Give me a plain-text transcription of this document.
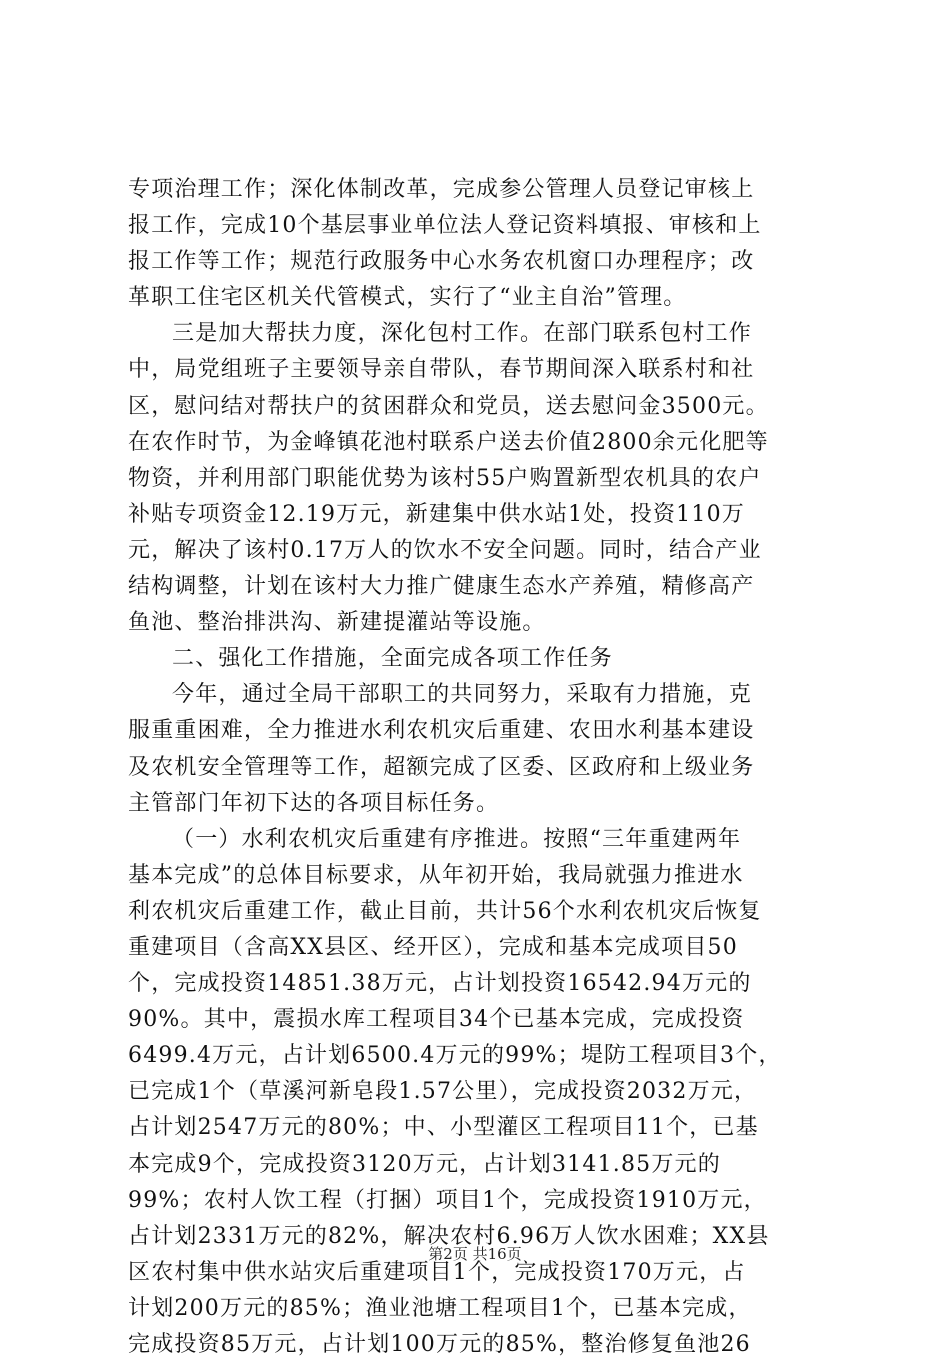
专项治理工作；深化体制改革，完成参公管理人员登记审核上
报工作，完成10个基层事业单位法人登记资料填报、审核和上
报工作等工作；规范行政服务中心水务农机窗口办理程序；改
革职工住宅区机关代管模式，实行了“业主自治”管理。
三是加大帮扶力度，深化包村工作。在部门联系包村工作
中，局党组班子主要领导亲自带队，春节期间深入联系村和社
区，慰问结对帮扶户的贫困群众和党员，送去慰问金3500元。
在农作时节，为金峰镇花池村联系户送去价值2800余元化肥等
物资，并利用部门职能优势为该村55户购置新型农机具的农户
补贴专项资金12.19万元，新建集中供水站1处，投资110万
元，解决了该村0.17万人的饮水不安全问题。同时，结合产业
结构调整，计划在该村大力推广健康生态水产养殖，精修高产
鱼池、整治排洪沟、新建提灌站等设施。
二、强化工作措施，全面完成各项工作任务
今年，通过全局干部职工的共同努力，采取有力措施，克
服重重困难，全力推进水利农机灾后重建、农田水利基本建设
及农机安全管理等工作，超额完成了区委、区政府和上级业务
主管部门年初下达的各项目标任务。
（一）水利农机灾后重建有序推进。按照“三年重建两年
基本完成”的总体目标要求，从年初开始，我局就强力推进水
利农机灾后重建工作，截止目前，共计56个水利农机灾后恢复
重建项目（含高XX县区、经开区），完成和基本完成项目50
个，完成投资14851.38万元，占计划投资16542.94万元的
90%。其中，震损水库工程项目34个已基本完成，完成投资
6499.4万元，占计划6500.4万元的99%；堤防工程项目3个，
已完成1个（草溪河新皂段1.57公里），完成投资2032万元，
占计划2547万元的80%；中、小型灌区工程项目11个，已基
本完成9个，完成投资3120万元，占计划3141.85万元的
99%；农村人饮工程（打捆）项目1个，完成投资1910万元，
占计划2331万元的82%，解决农村6.96万人饮水困难；XX县
区农村集中供水站灾后重建项目1个，完成投资170万元，占
计划200万元的85%；渔业池塘工程项目1个，已基本完成，
完成投资85万元，占计划100万元的85%，整治修复鱼池26
第2页 共16页
